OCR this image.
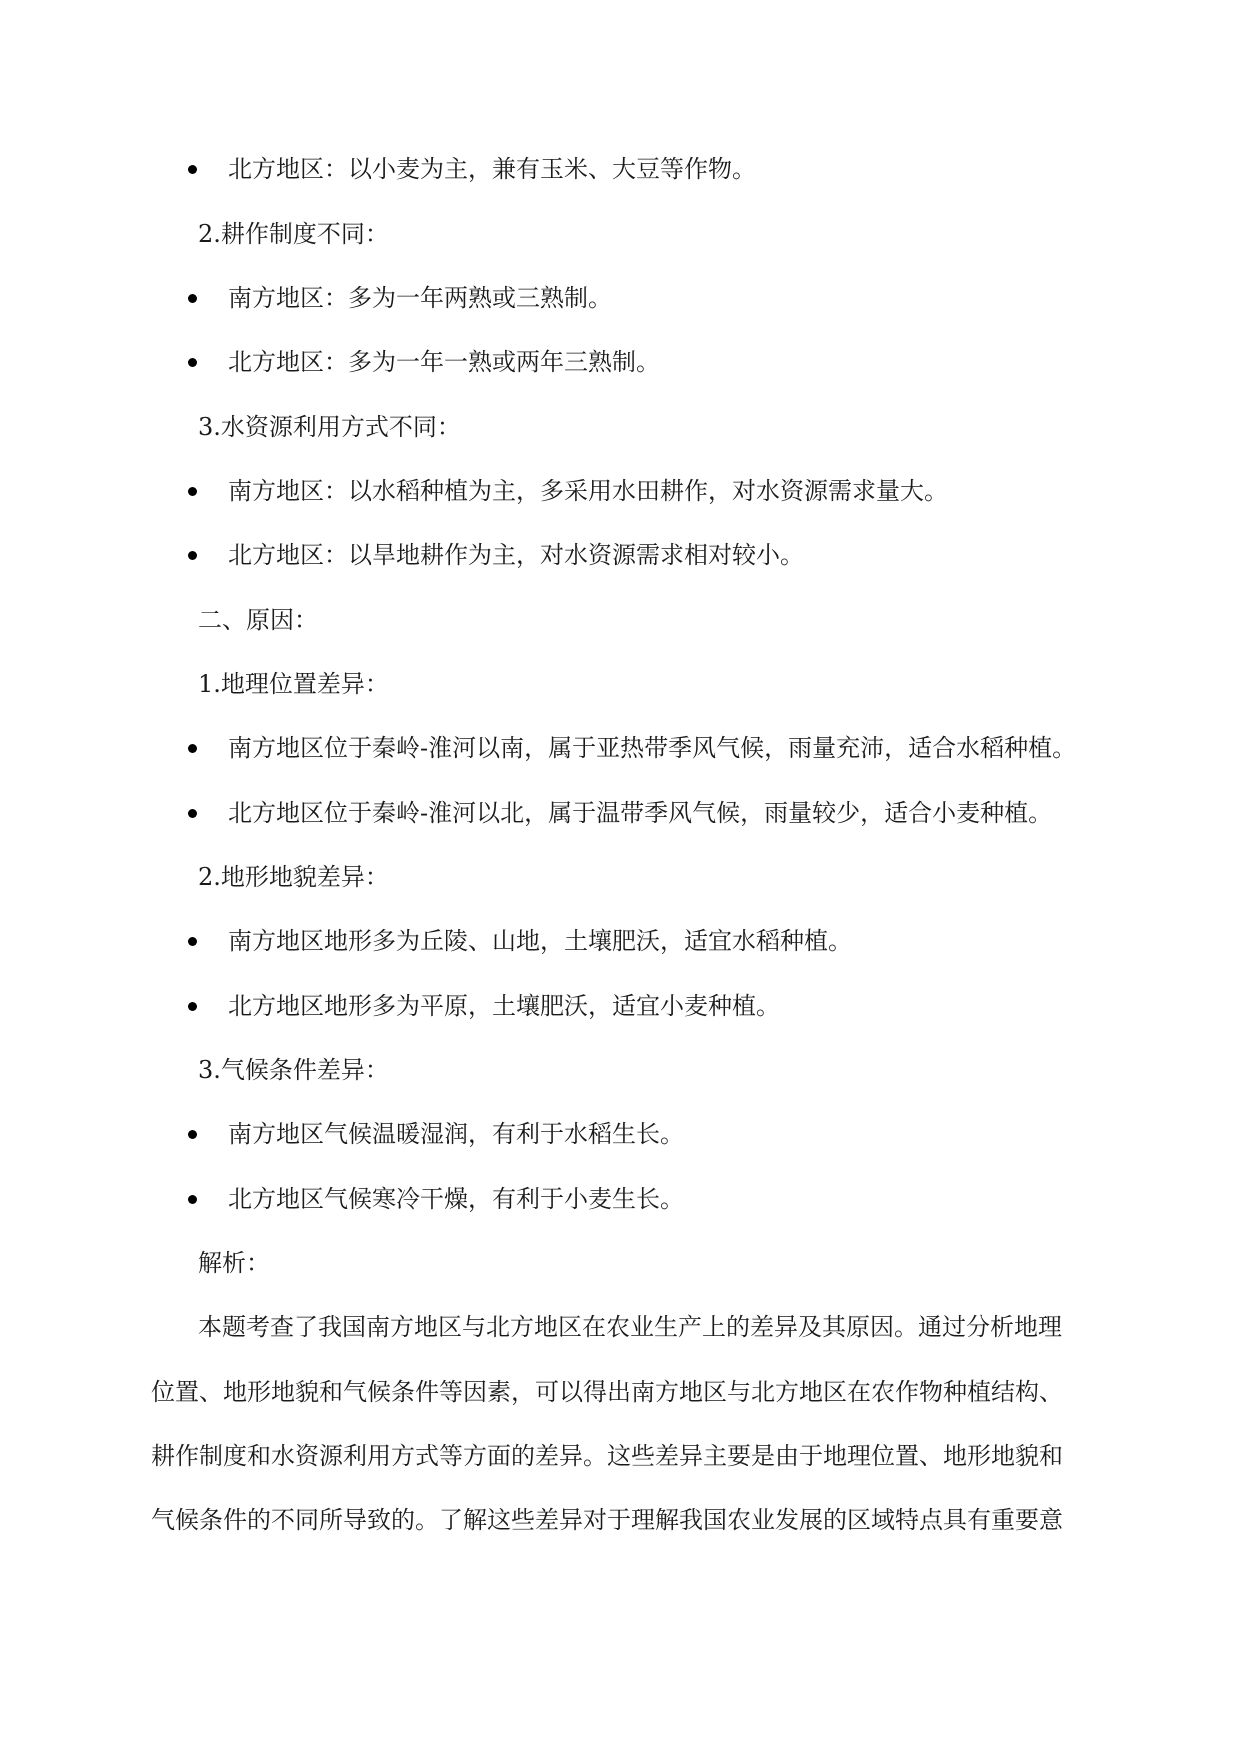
北方地区：以小麦为主，兼有玉米、大豆等作物。
2.耕作制度不同：
南方地区：多为一年两熟或三熟制。
北方地区：多为一年一熟或两年三熟制。
3.水资源利用方式不同：
南方地区：以水稻种植为主，多采用水田耕作，对水资源需求量大。
北方地区：以旱地耕作为主，对水资源需求相对较小。
二、原因：
1.地理位置差异：
南方地区位于秦岭-淮河以南，属于亚热带季风气候，雨量充沛，适合水稻种植。
北方地区位于秦岭-淮河以北，属于温带季风气候，雨量较少，适合小麦种植。
2.地形地貌差异：
南方地区地形多为丘陵、山地，土壤肥沃，适宜水稻种植。
北方地区地形多为平原，土壤肥沃，适宜小麦种植。
3.气候条件差异：
南方地区气候温暖湿润，有利于水稻生长。
北方地区气候寒冷干燥，有利于小麦生长。
解析：
本题考查了我国南方地区与北方地区在农业生产上的差异及其原因。通过分析地理
位置、地形地貌和气候条件等因素，可以得出南方地区与北方地区在农作物种植结构、
耕作制度和水资源利用方式等方面的差异。这些差异主要是由于地理位置、地形地貌和
气候条件的不同所导致的。了解这些差异对于理解我国农业发展的区域特点具有重要意
